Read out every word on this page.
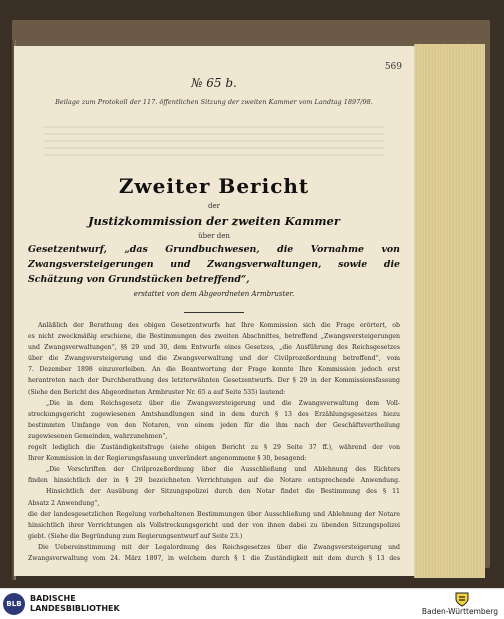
569
№ 65 b.
Beilage zum Protokoll der 117. öffentlichen Sitzung der zweiten Kammer vom Landtag 1897/98.
Zweiter Bericht
der
Justizkommission der zweiten Kammer
über den
Gesetzentwurf, „das Grundbuchwesen, die Vornahme von Zwangsversteigerungen und Zwangsverwaltungen, sowie die Schätzung von Grundstücken betreffend“,
erstattet von dem Abgeordneten Armbruster.
Anläßlich der Berathung des obigen Gesetzentwurfs hat Ihre Kommission sich die Frage erörtert, ob
es nicht zweckmäßig erschiene, die Bestimmungen des zweiten Abschnittes, betreffend „Zwangsversteigerungen
und Zwangsverwaltungen“, §§ 29 und 30, dem Entwurfe eines Gesetzes, „die Ausführung des Reichsgesetzes
über die Zwangsversteigerung und die Zwangsverwaltung und der Civilprozeßordnung betreffend“, vom
7. Dezember 1898 einzuverleiben. An die Beantwortung der Frage konnte Ihre Kommission jedoch erst
herantreten nach der Durchberathung des letzterwähnten Gesetzentwurfs. Der § 29 in der Kommissionsfassung
(Siehe den Bericht des Abgeordneten Armbruster Nr. 65 a auf Seite 535) lautend:
„Die in dem Reichsgesetz über die Zwangsversteigerung und die Zwangsverwaltung dem Voll-
streckungsgericht zugewiesenen Amtshandlungen sind in dem durch § 13 des Erzählungsgesetzes hiezu
bestimmten Umfange von den Notaren, von einem jeden für die ihm nach der Geschäftsvertheilung
zugewiesenen Gemeinden, wahrzunehmen“,
regelt lediglich die Zuständigkeitsfrage (siehe obigen Bericht zu § 29 Seite 37 ff.), während der von
Ihrer Kommission in der Regierungsfassung unverändert angenommene § 30, besagend:
„Die Vorschriften der Civilprozeßordnung über die Ausschließung und Ablehnung des Richters
finden hinsichtlich der in § 29 bezeichneten Verrichtungen auf die Notare entsprechende Anwendung.
Hinsichtlich der Ausübung der Sitzungspolizei durch den Notar findet die Bestimmung des § 11
Absatz 2 Anwendung“,
die der landesgesetzlichen Regelung vorbehaltenen Bestimmungen über Ausschließung und Ablehnung der Notare
hinsichtlich ihrer Verrichtungen als Vollstreckungsgericht und der von ihnen dabei zu übenden Sitzungspolizei
giebt. (Siehe die Begründung zum Regierungsentwurf auf Seite 23.)
Die Uebereinstimmung mit der Legalordnung des Reichsgesetzes über die Zwangsversteigerung und
Zwangsverwaltung vom 24. März 1897, in welchem durch § 1 die Zuständigkeit mit dem durch § 13 des
BLB
BADISCHE
LANDESBIBLIOTHEK	Baden-Württemberg
